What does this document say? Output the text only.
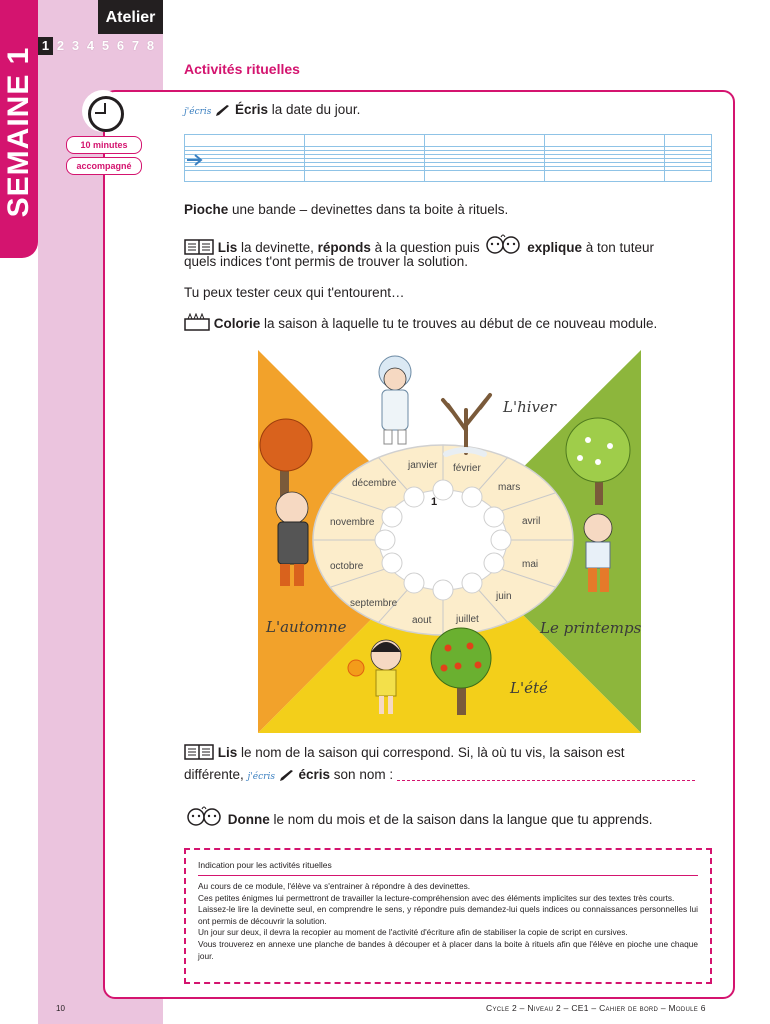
SEMAINE 1
Atelier
1 2 3 4 5 6 7 8
Activités rituelles
10 minutes
accompagné
j'écris Écris la date du jour.
Pioche une bande – devinettes dans ta boite à rituels.
Lis la devinette, réponds à la question puis	explique à ton tuteur
quels indices t'ont permis de trouver la solution.
Tu peux tester ceux qui t'entourent…
Colorie la saison à laquelle tu te trouves au début de ce nouveau module.
1
janvier février
mars
avril
mai
juin
juillet
aout
septembre
octobre
novembre
décembre
L'hiver
Le printemps
L'été
L'automne
Lis le nom de la saison qui correspond. Si, là où tu vis, la saison est
différente, j'écris écris son nom :
Donne le nom du mois et de la saison dans la langue que tu apprends.
Indication pour les activités rituelles

Au cours de ce module, l'élève va s'entrainer à répondre à des devinettes.

Ces petites énigmes lui permettront de travailler la lecture-compréhension avec des éléments implicites sur des textes très courts.

Laissez-le lire la devinette seul, en comprendre le sens, y répondre puis demandez-lui quels indices ou connaissances personnelles lui ont permis de découvrir la solution.

Un jour sur deux, il devra la recopier au moment de l'activité d'écriture afin de stabiliser la copie de script en cursives.

Vous trouverez en annexe une planche de bandes à découper et à placer dans la boite à rituels afin que l'élève en pioche une chaque jour.

10	Cycle 2 – Niveau 2 – CE1 – Cahier de bord – Module 6
